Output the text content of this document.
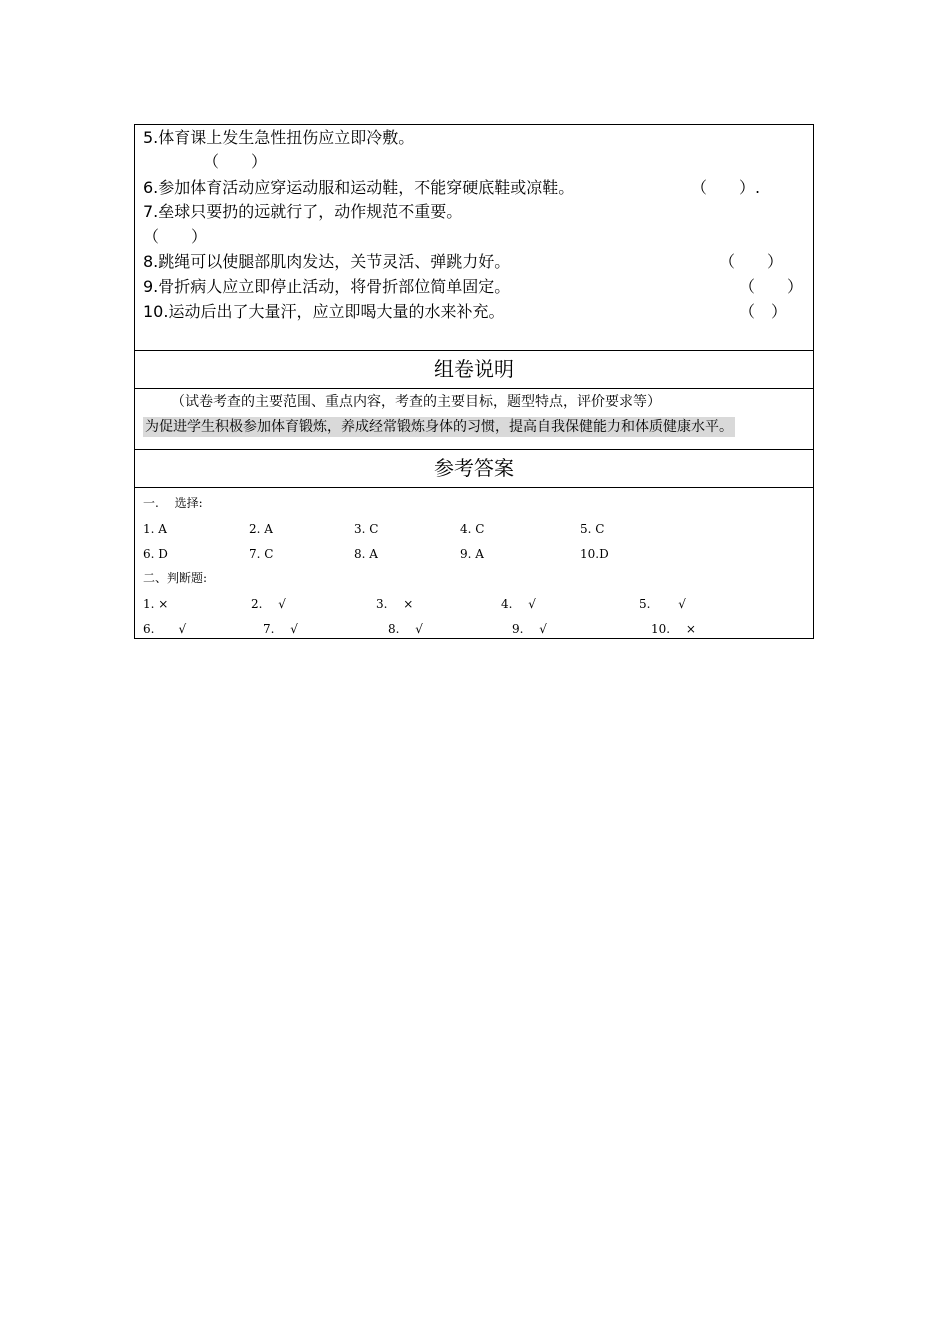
5.体育课上发生急性扭伤应立即冷敷。
（　　）
6.参加体育活动应穿运动服和运动鞋，不能穿硬底鞋或凉鞋。	（　　）.
7.垒球只要扔的远就行了，动作规范不重要。
（　　）
8.跳绳可以使腿部肌肉发达，关节灵活、弹跳力好。	（　　）
9.骨折病人应立即停止活动，将骨折部位简单固定。	（　　）
10.运动后出了大量汗，应立即喝大量的水来补充。	（　）
组卷说明
（试卷考查的主要范围、重点内容，考查的主要目标，题型特点，评价要求等）
为促进学生积极参加体育锻炼，养成经常锻炼身体的习惯，提高自我保健能力和体质健康水平。
参考答案
一.　 选择:
1. A	2. A	3. C	4. C	5. C
6. D	7. C	8. A	9. A	10.D
二、判断题:
1. ×	2.　 √	3.　 ×	4.　 √	5.　　 √
6.　　√	7.　 √	8.　 √	9.　 √	10.　 ×
